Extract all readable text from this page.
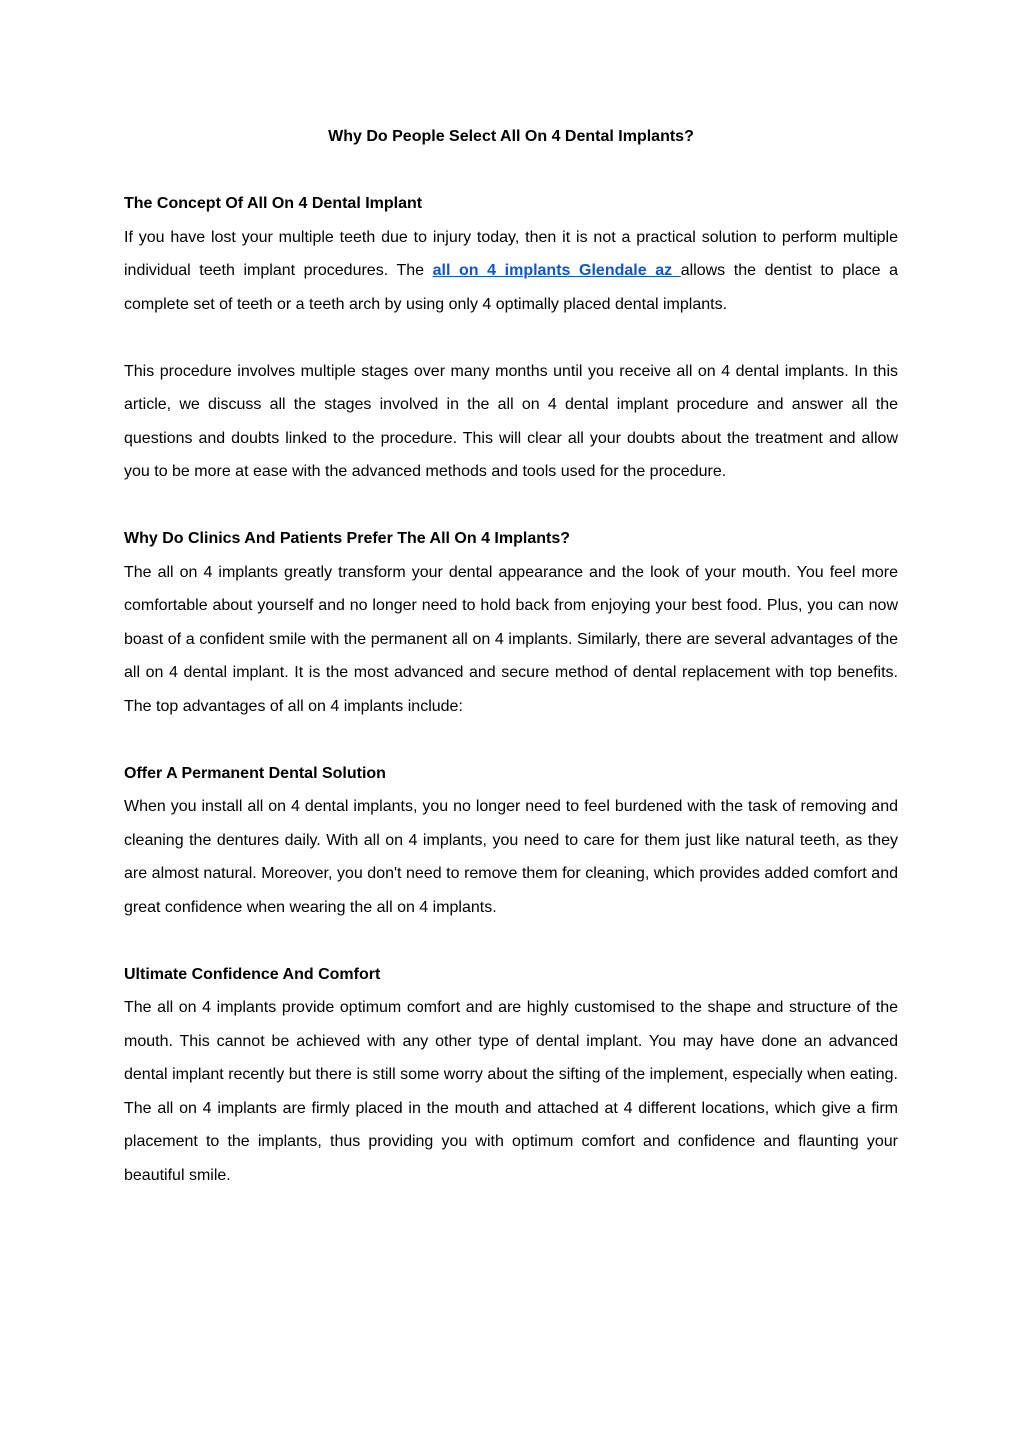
Why Do People Select All On 4 Dental Implants?

The Concept Of All On 4 Dental Implant

If you have lost your multiple teeth due to injury today, then it is not a practical solution to perform multiple individual teeth implant procedures. The all on 4 implants Glendale az allows the dentist to place a complete set of teeth or a teeth arch by using only 4 optimally placed dental implants.

This procedure involves multiple stages over many months until you receive all on 4 dental implants. In this article, we discuss all the stages involved in the all on 4 dental implant procedure and answer all the questions and doubts linked to the procedure. This will clear all your doubts about the treatment and allow you to be more at ease with the advanced methods and tools used for the procedure.

Why Do Clinics And Patients Prefer The All On 4 Implants?

The all on 4 implants greatly transform your dental appearance and the look of your mouth. You feel more comfortable about yourself and no longer need to hold back from enjoying your best food. Plus, you can now boast of a confident smile with the permanent all on 4 implants. Similarly, there are several advantages of the all on 4 dental implant. It is the most advanced and secure method of dental replacement with top benefits. The top advantages of all on 4 implants include:

Offer A Permanent Dental Solution

When you install all on 4 dental implants, you no longer need to feel burdened with the task of removing and cleaning the dentures daily. With all on 4 implants, you need to care for them just like natural teeth, as they are almost natural. Moreover, you don't need to remove them for cleaning, which provides added comfort and great confidence when wearing the all on 4 implants.

Ultimate Confidence And Comfort

The all on 4 implants provide optimum comfort and are highly customised to the shape and structure of the mouth. This cannot be achieved with any other type of dental implant. You may have done an advanced dental implant recently but there is still some worry about the sifting of the implement, especially when eating. The all on 4 implants are firmly placed in the mouth and attached at 4 different locations, which give a firm placement to the implants, thus providing you with optimum comfort and confidence and flaunting your beautiful smile.
